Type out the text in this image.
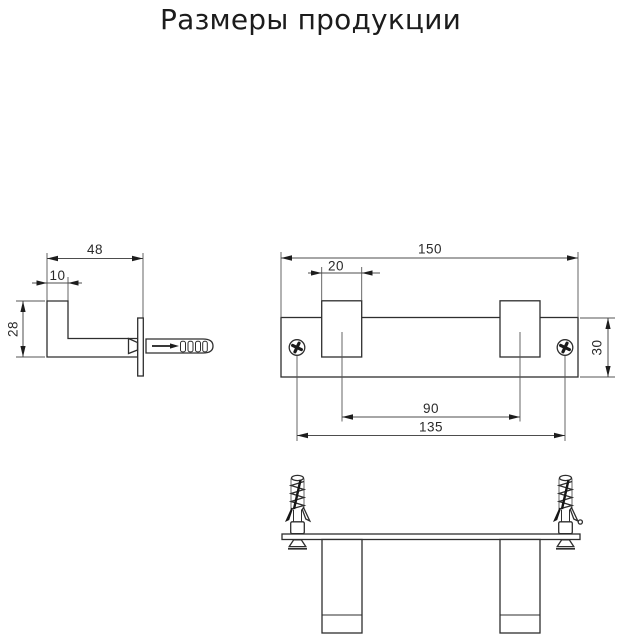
Размеры продукции
48
10
28
150
20
30
90
135
